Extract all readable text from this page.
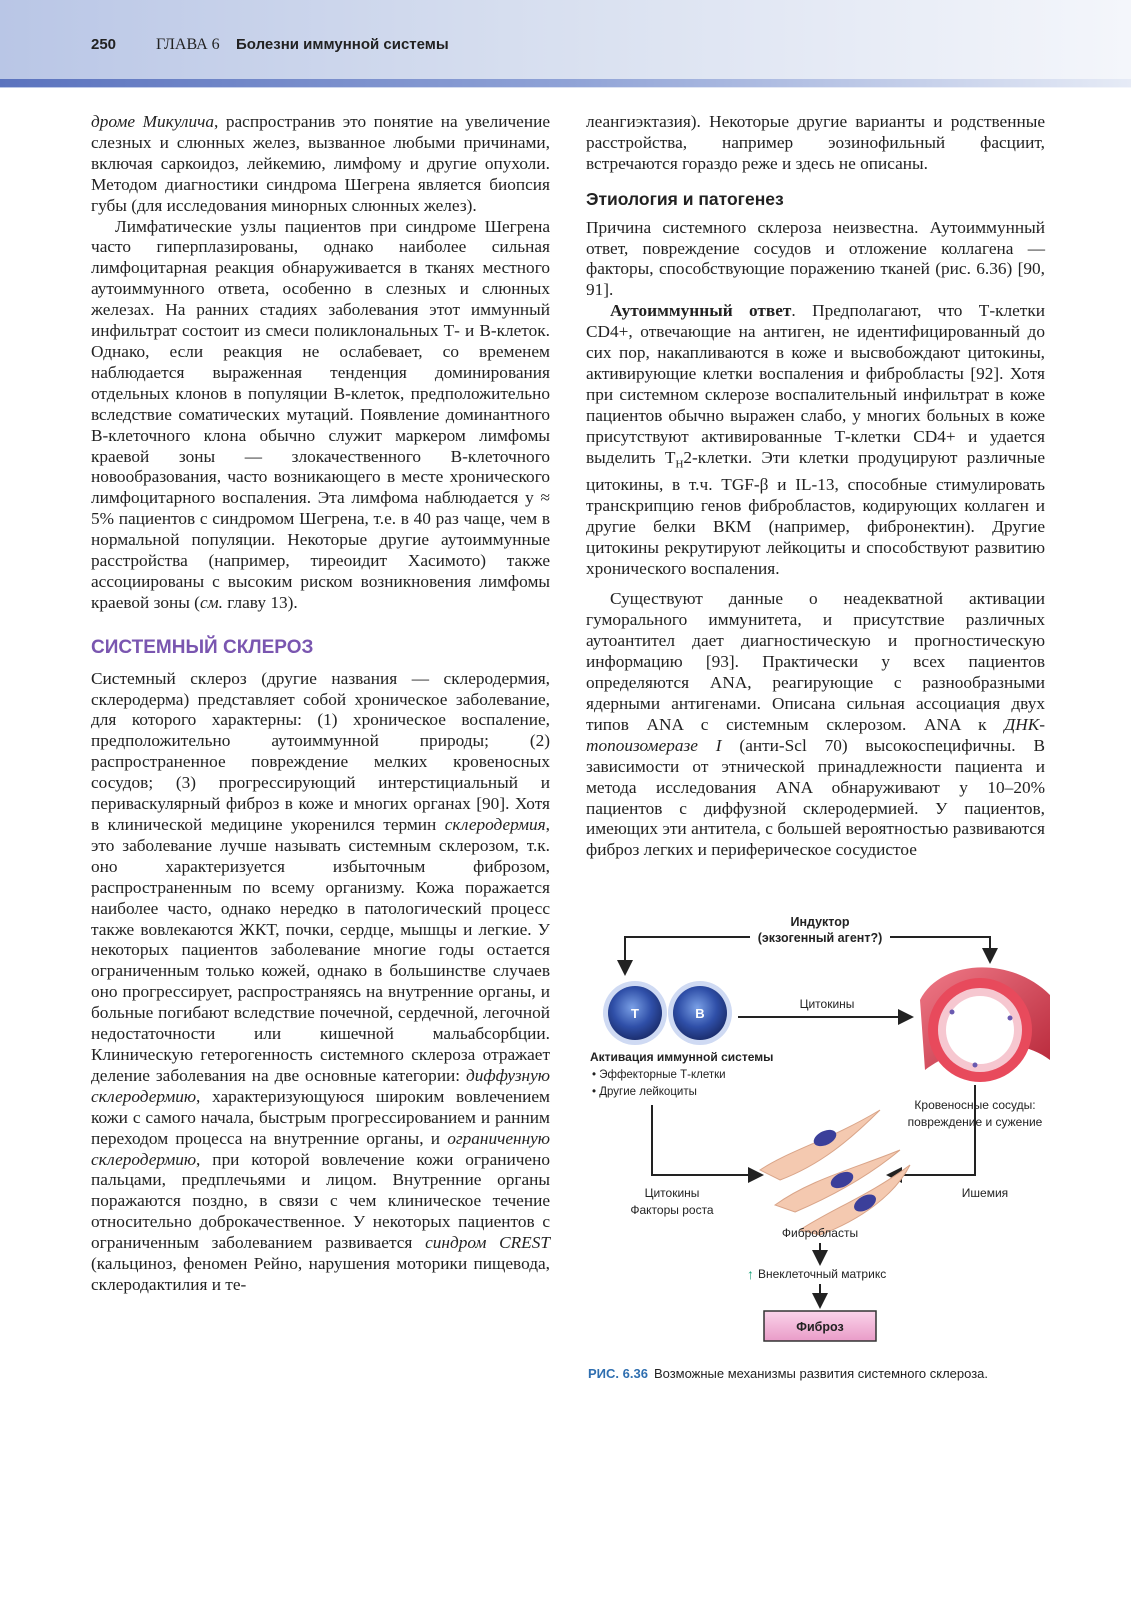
250 ГЛАВА 6 Болезни иммунной системы

дроме Микулича, распространив это понятие на увеличение слезных и слюнных желез, вызванное любыми причинами, включая саркоидоз, лейкемию, лимфому и другие опухоли. Методом диагностики синдрома Шегрена является биопсия губы (для исследования минорных слюнных желез).

Лимфатические узлы пациентов при синдроме Шегрена часто гиперплазированы, однако наиболее сильная лимфоцитарная реакция обнаруживается в тканях местного аутоиммунного ответа, особенно в слезных и слюнных железах. На ранних стадиях заболевания этот иммунный инфильтрат состоит из смеси поликлональных Т- и В-клеток. Однако, если реакция не ослабевает, со временем наблюдается выраженная тенденция доминирования отдельных клонов в популяции В-клеток, предположительно вследствие соматических мутаций. Появление доминантного В-клеточного клона обычно служит маркером лимфомы краевой зоны — злокачественного В-клеточного новообразования, часто возникающего в месте хронического лимфоцитарного воспаления. Эта лимфома наблюдается у ≈ 5% пациентов с синдромом Шегрена, т.е. в 40 раз чаще, чем в нормальной популяции. Некоторые другие аутоиммунные расстройства (например, тиреоидит Хасимото) также ассоциированы с высоким риском возникновения лимфомы краевой зоны (см. главу 13).

СИСТЕМНЫЙ СКЛЕРОЗ

Системный склероз (другие названия — склеродермия, склеродерма) представляет собой хроническое заболевание, для которого характерны: (1) хроническое воспаление, предположительно аутоиммунной природы; (2) распространенное повреждение мелких кровеносных сосудов; (3) прогрессирующий интерстициальный и периваскулярный фиброз в коже и многих органах [90]. Хотя в клинической медицине укоренился термин склеродермия, это заболевание лучше называть системным склерозом, т.к. оно характеризуется избыточным фиброзом, распространенным по всему организму. Кожа поражается наиболее часто, однако нередко в патологический процесс также вовлекаются ЖКТ, почки, сердце, мышцы и легкие. У некоторых пациентов заболевание многие годы остается ограниченным только кожей, однако в большинстве случаев оно прогрессирует, распространяясь на внутренние органы, и больные погибают вследствие почечной, сердечной, легочной недостаточности или кишечной мальабсорбции. Клиническую гетерогенность системного склероза отражает деление заболевания на две основные категории: диффузную склеродермию, характеризующуюся широким вовлечением кожи с самого начала, быстрым прогрессированием и ранним переходом процесса на внутренние органы, и ограниченную склеродермию, при которой вовлечение кожи ограничено пальцами, предплечьями и лицом. Внутренние органы поражаются поздно, в связи с чем клиническое течение относительно доброкачественное. У некоторых пациентов с ограниченным заболеванием развивается синдром CREST (кальциноз, феномен Рейно, нарушения моторики пищевода, склеродактилия и те-

леангиэктазия). Некоторые другие варианты и родственные расстройства, например эозинофильный фасциит, встречаются гораздо реже и здесь не описаны.

Этиология и патогенез

Причина системного склероза неизвестна. Аутоиммунный ответ, повреждение сосудов и отложение коллагена — факторы, способствующие поражению тканей (рис. 6.36) [90, 91].

Аутоиммунный ответ. Предполагают, что Т-клетки CD4+, отвечающие на антиген, не идентифицированный до сих пор, накапливаются в коже и высвобождают цитокины, активирующие клетки воспаления и фибробласты [92]. Хотя при системном склерозе воспалительный инфильтрат в коже пациентов обычно выражен слабо, у многих больных в коже присутствуют активированные Т-клетки CD4+ и удается выделить $T_H2$-клетки. Эти клетки продуцируют различные цитокины, в т.ч. TGF-β и IL-13, способные стимулировать транскрипцию генов фибробластов, кодирующих коллаген и другие белки ВКМ (например, фибронектин). Другие цитокины рекрутируют лейкоциты и способствуют развитию хронического воспаления.

Существуют данные о неадекватной активации гуморального иммунитета, и присутствие различных аутоантител дает диагностическую и прогностическую информацию [93]. Практически у всех пациентов определяются ANA, реагирующие с разнообразными ядерными антигенами. Описана сильная ассоциация двух типов ANA с системным склерозом. ANA к ДНК-топоизомеразе I (анти-Scl 70) высокоспецифичны. В зависимости от этнической принадлежности пациента и метода исследования ANA обнаруживают у 10–20% пациентов с диффузной склеродермией. У пациентов, имеющих эти антитела, с большей вероятностью развиваются фиброз легких и периферическое сосудистое

Индуктор
(экзогенный агент?)
T	B
Цитокины
Активация иммунной системы
• Эффекторные Т-клетки
• Другие лейкоциты
Кровеносные сосуды:
повреждение и сужение
Цитокины
Факторы роста
Ишемия
Фибробласты
↑ Внеклеточный матрикс
Фиброз
РИС. 6.36 Возможные механизмы развития системного склероза.
